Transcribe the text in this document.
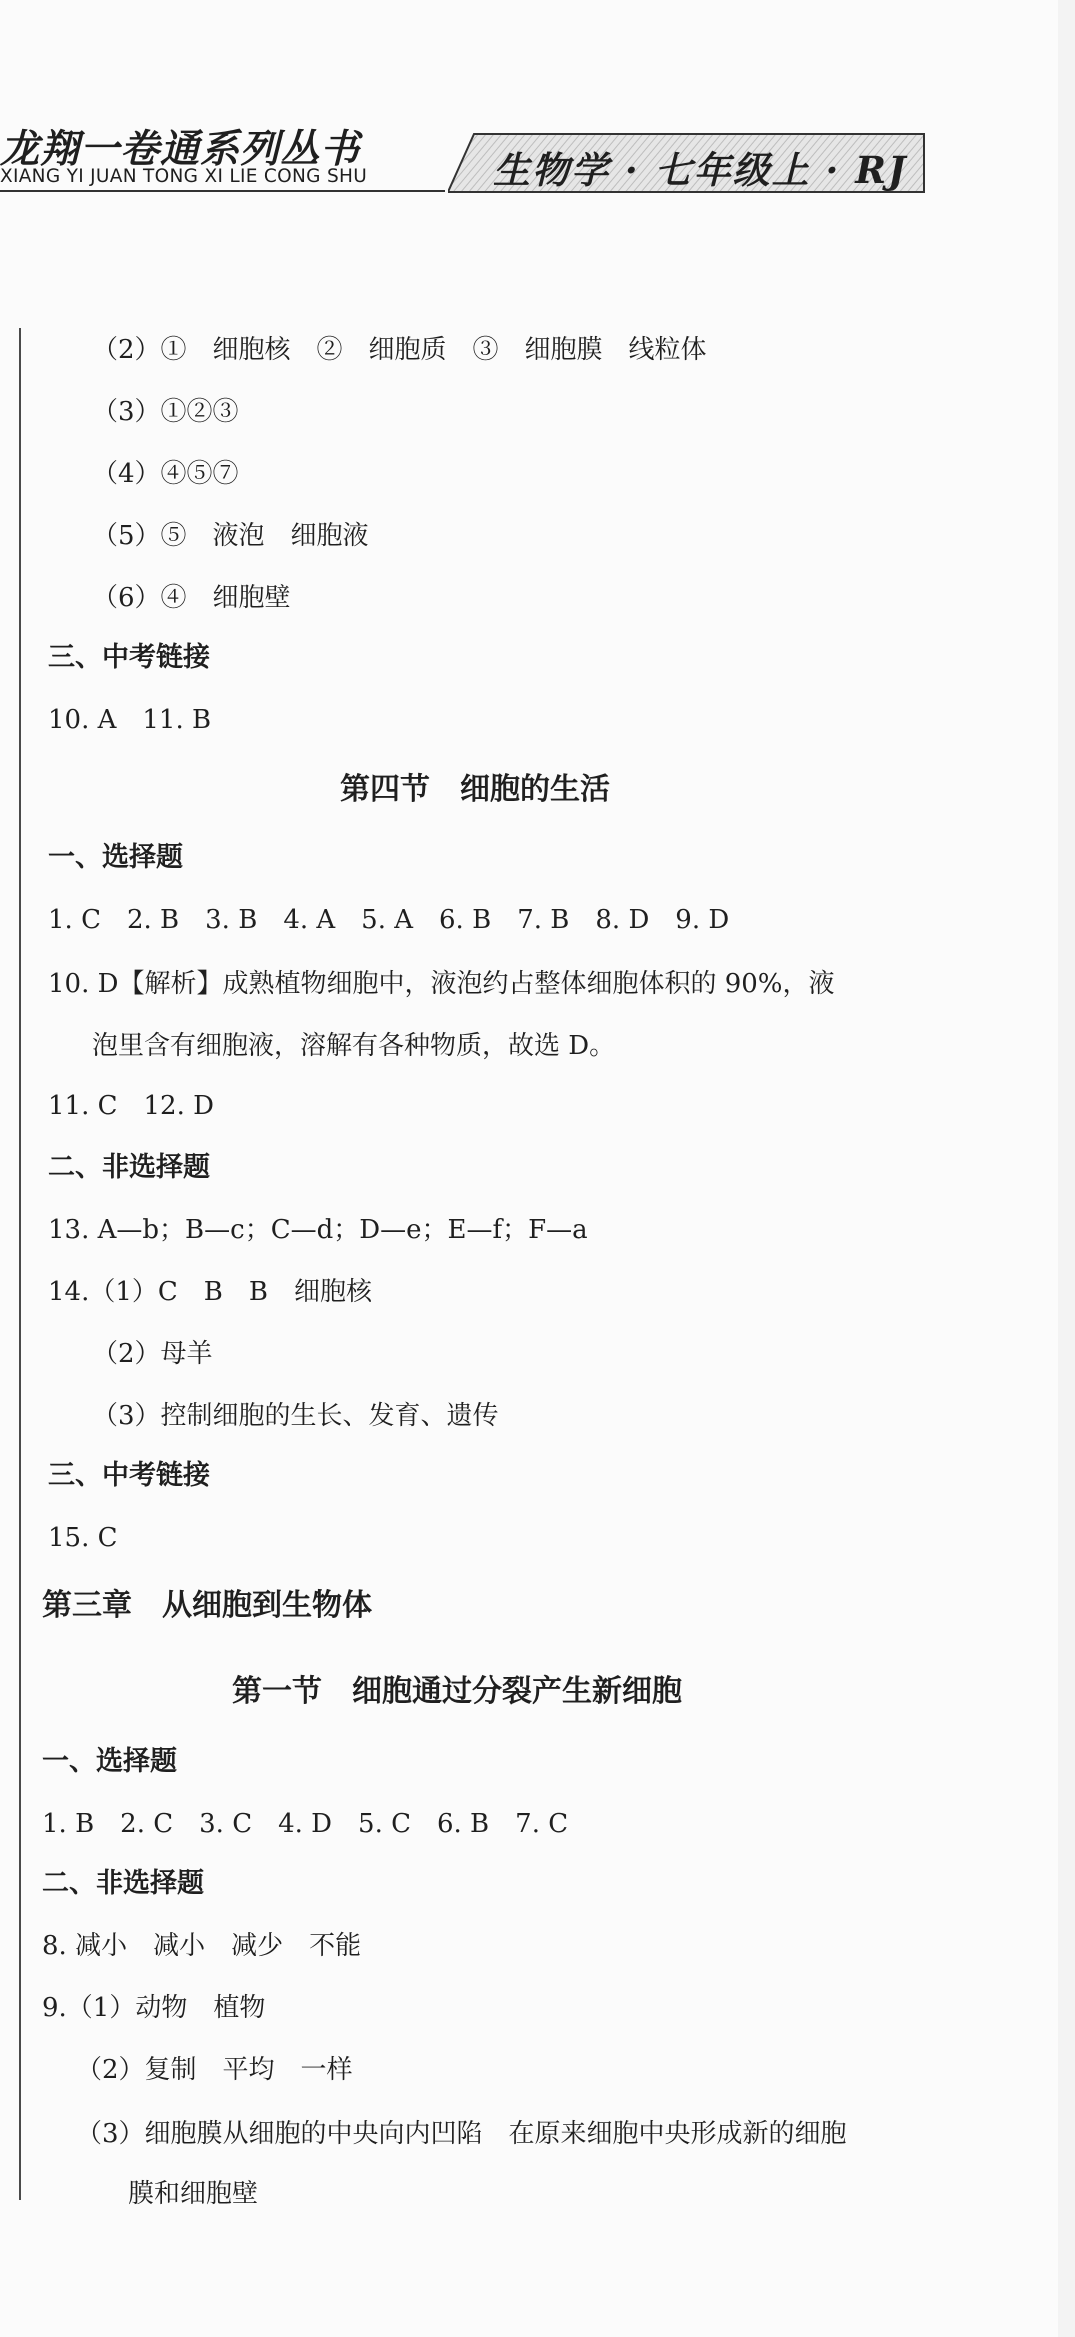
龙翔一卷通系列丛书
XIANG YI JUAN TONG XI LIE CONG SHU	生物学 · 七年级上 · RJ
（2）①　细胞核　②　细胞质　③　细胞膜　线粒体
（3）①②③
（4）④⑤⑦
（5）⑤　液泡　细胞液
（6）④　细胞壁
三、中考链接
10. A　11. B
第四节　细胞的生活
一、选择题
1. C　2. B　3. B　4. A　5. A　6. B　7. B　8. D　9. D
10. D【解析】成熟植物细胞中，液泡约占整体细胞体积的 90%，液
泡里含有细胞液，溶解有各种物质，故选 D。
11. C　12. D
二、非选择题
13. A—b；B—c；C—d；D—e；E—f；F—a
14.（1）C　B　B　细胞核
（2）母羊
（3）控制细胞的生长、发育、遗传
三、中考链接
15. C
第三章　从细胞到生物体
第一节　细胞通过分裂产生新细胞
一、选择题
1. B　2. C　3. C　4. D　5. C　6. B　7. C
二、非选择题
8. 减小　减小　减少　不能
9.（1）动物　植物
（2）复制　平均　一样
（3）细胞膜从细胞的中央向内凹陷　在原来细胞中央形成新的细胞
膜和细胞壁
